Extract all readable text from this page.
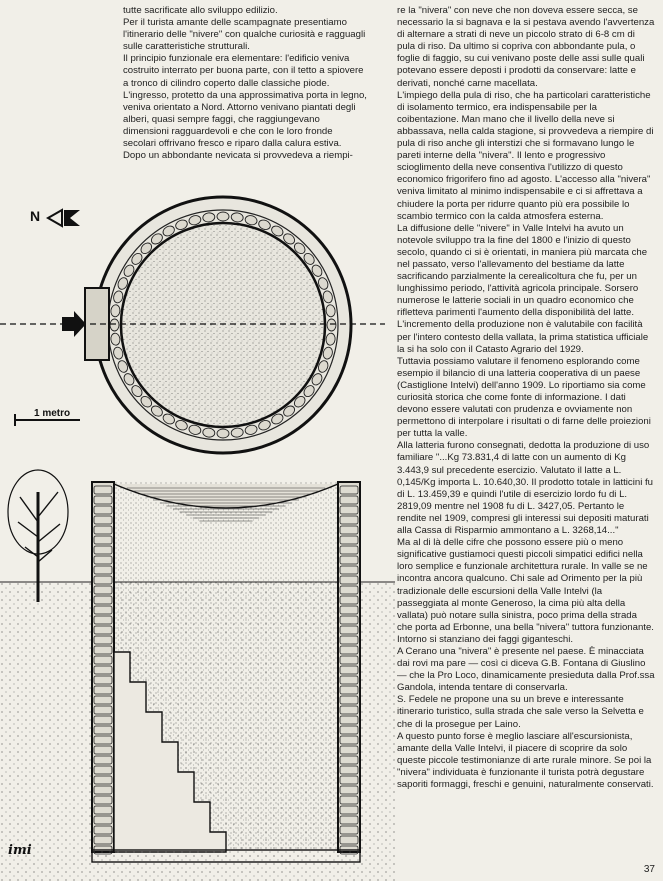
tutte sacrificate allo sviluppo edilizio.

Per il turista amante delle scampagnate presentiamo l'itinerario delle "nivere" con qualche curiosità e ragguagli sulle caratteristiche strutturali.

Il principio funzionale era elementare: l'edificio veniva costruito interrato per buona parte, con il tetto a spiovere a tronco di cilindro coperto dalle classiche piode.

L'ingresso, protetto da una approssimativa porta in legno, veniva orientato a Nord. Attorno venivano piantati degli alberi, quasi sempre faggi, che raggiungevano dimensioni ragguardevoli e che con le loro fronde secolari offrivano fresco e riparo dalla calura estiva.

Dopo un abbondante nevicata si provvedeva a riempi-

re la "nivera" con neve che non doveva essere secca, se necessario la si bagnava e la si pestava avendo l'avvertenza di alternare a strati di neve un piccolo strato di 6-8 cm di pula di riso. Da ultimo si copriva con abbondante pula, o foglie di faggio, su cui venivano poste delle assi sulle quali potevano essere deposti i prodotti da conservare: latte e derivati, nonché carne macellata.

L'impiego della pula di riso, che ha particolari caratteristiche di isolamento termico, era indispensabile per la coibentazione. Man mano che il livello della neve si abbassava, nella calda stagione, si provvedeva a riempire di pula di riso anche gli interstizi che si formavano lungo le pareti interne della "nivera". Il lento e progressivo scioglimento della neve consentiva l'utilizzo di questo economico frigorifero fino ad agosto. L'accesso alla "nivera" veniva limitato al minimo indispensabile e ci si affrettava a chiudere la porta per ridurre quanto più era possibile lo scambio termico con la calda atmosfera esterna.

La diffusione delle "nivere" in Valle Intelvi ha avuto un notevole sviluppo tra la fine del 1800 e l'inizio di questo secolo, quando ci si è orientati, in maniera più marcata che nel passato, verso l'allevamento del bestiame da latte sacrificando parzialmente la cerealicoltura che fu, per un lunghissimo periodo, l'attività agricola principale. Sorsero numerose le latterie sociali in un quadro economico che rifletteva parimenti l'aumento della disponibilità del latte. L'incremento della produzione non è valutabile con facilità per l'intero contesto della vallata, la prima statistica ufficiale la si ha solo con il Catasto Agrario del 1929.

Tuttavia possiamo valutare il fenomeno esplorando come esempio il bilancio di una latteria cooperativa di un paese (Castiglione Intelvi) dell'anno 1909. Lo riportiamo sia come curiosità storica che come fonte di informazione. I dati devono essere valutati con prudenza e ovviamente non permettono di interpolare i risultati o di farne delle proiezioni per tutta la valle.

Alla latteria furono consegnati, dedotta la produzione di uso familiare "...Kg 73.831,4 di latte con un aumento di Kg 3.443,9 sul precedente esercizio. Valutato il latte a L. 0,145/Kg importa L. 10.640,30. Il prodotto totale in latticini fu di L. 13.459,39 e quindi l'utile di esercizio lordo fu di L. 2819,09 mentre nel 1908 fu di L. 3427,05. Pertanto le rendite nel 1909, compresi gli interessi sui depositi maturati alla Cassa di Risparmio ammontano a L. 3268,14..."

Ma al di là delle cifre che possono essere più o meno significative gustiamoci questi piccoli simpatici edifici nella loro semplice e funzionale architettura rurale. In valle se ne incontra ancora qualcuno. Chi sale ad Orimento per la più tradizionale delle escursioni della Valle Intelvi (la passeggiata al monte Generoso, la cima più alta della vallata) può notare sulla sinistra, poco prima della strada che porta ad Erbonne, una bella "nivera" tuttora funzionante. Intorno si stanziano dei faggi giganteschi.

A Cerano una "nivera" è presente nel paese. È minacciata dai rovi ma pare — così ci diceva G.B. Fontana di Giuslino — che la Pro Loco, dinamicamente presieduta dalla Prof.ssa Gandola, intenda tentare di conservarla.

S. Fedele ne propone una su un breve e interessante itinerario turistico, sulla strada che sale verso la Selvetta e che di la prosegue per Laino.

A questo punto forse è meglio lasciare all'escursionista, amante della Valle Intelvi, il piacere di scoprire da solo queste piccole testimonianze di arte rurale minore. Se poi la "nivera" individuata è funzionante il turista potrà degustare saporiti formaggi, freschi e genuini, naturalmente conservati.

N
1 metro
imi
37
